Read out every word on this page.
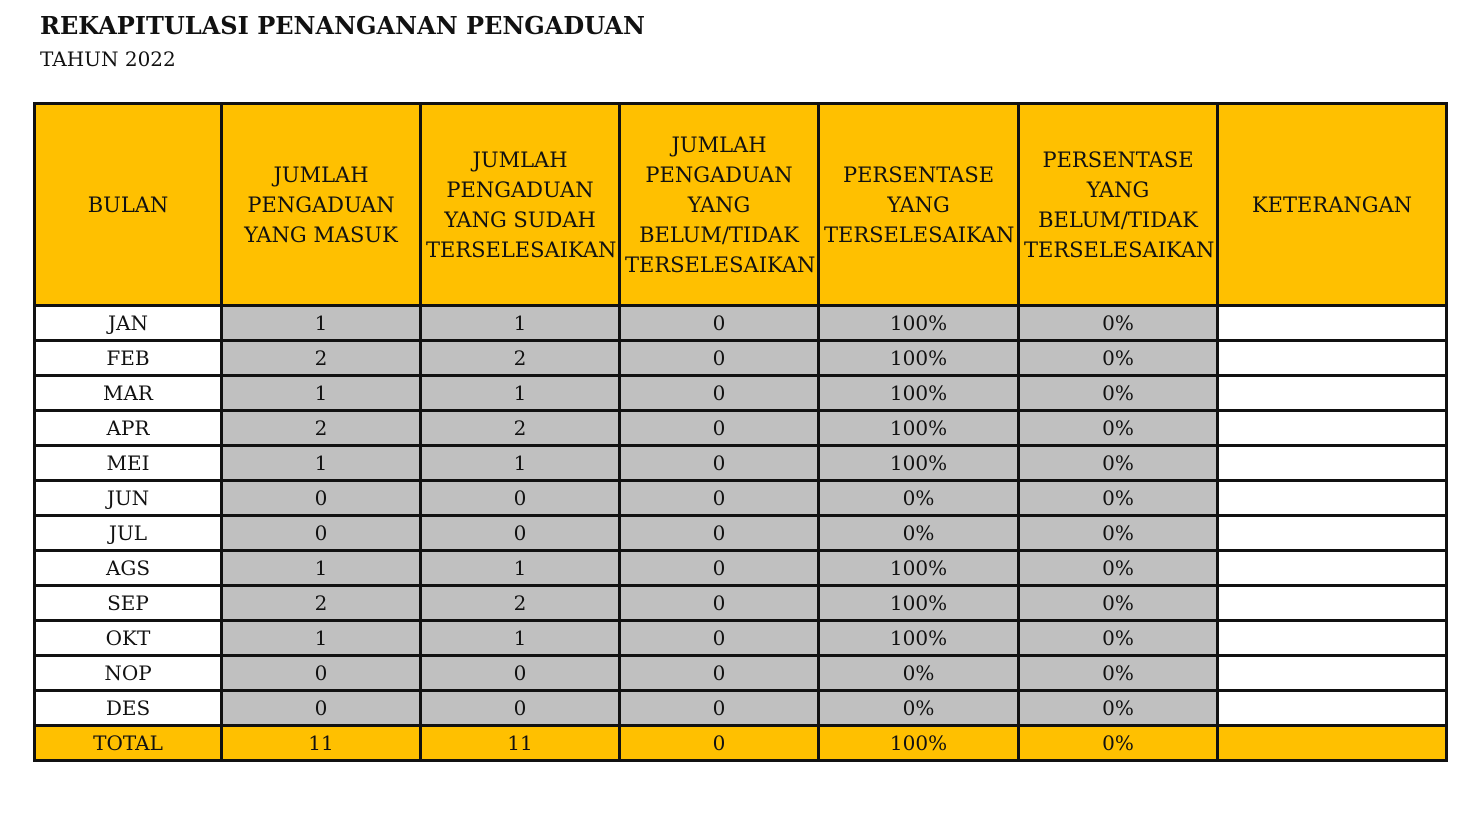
REKAPITULASI PENANGANAN PENGADUAN
TAHUN 2022
BULAN	JUMLAH PENGADUAN YANG MASUK	JUMLAH PENGADUAN YANG SUDAH TERSELESAIKAN	JUMLAH PENGADUAN YANG BELUM/TIDAK TERSELESAIKAN	PERSENTASE YANG TERSELESAIKAN	PERSENTASE YANG BELUM/TIDAK TERSELESAIKAN	KETERANGAN
JAN	1	1	0	100%	0%	
FEB	2	2	0	100%	0%	
MAR	1	1	0	100%	0%	
APR	2	2	0	100%	0%	
MEI	1	1	0	100%	0%	
JUN	0	0	0	0%	0%	
JUL	0	0	0	0%	0%	
AGS	1	1	0	100%	0%	
SEP	2	2	0	100%	0%	
OKT	1	1	0	100%	0%	
NOP	0	0	0	0%	0%	
DES	0	0	0	0%	0%	
TOTAL	11	11	0	100%	0%	
